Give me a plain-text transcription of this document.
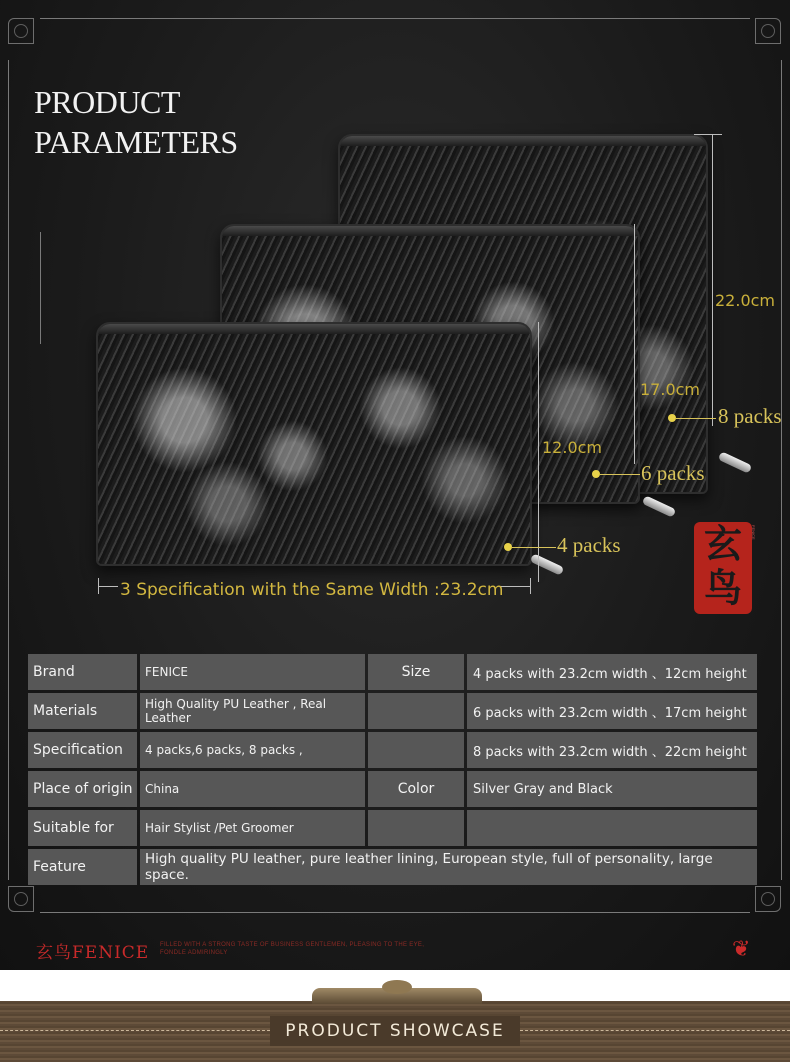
PRODUCT
PARAMETERS
22.0cm
17.0cm
12.0cm
8 packs
6 packs
4 packs
3 Specification with the Same Width :23.2cm
玄
鸟
FENICE
Brand	FENICE	Size	4 packs with 23.2cm width 、12cm height
Materials	High Quality PU Leather , Real Leather		6 packs with 23.2cm width 、17cm height
Specification	4 packs,6 packs, 8 packs ,		8 packs with 23.2cm width 、22cm height
Place of origin	China	Color	Silver Gray and Black
Suitable for	Hair Stylist /Pet Groomer		
Feature	High quality PU leather, pure leather lining, European style, full of personality, large space.		
玄鸟FENICE FILLED WITH A STRONG TASTE OF BUSINESS GENTLEMEN, PLEASING TO THE EYE, FONDLE ADMIRINGLY	❦
PRODUCT SHOWCASE
